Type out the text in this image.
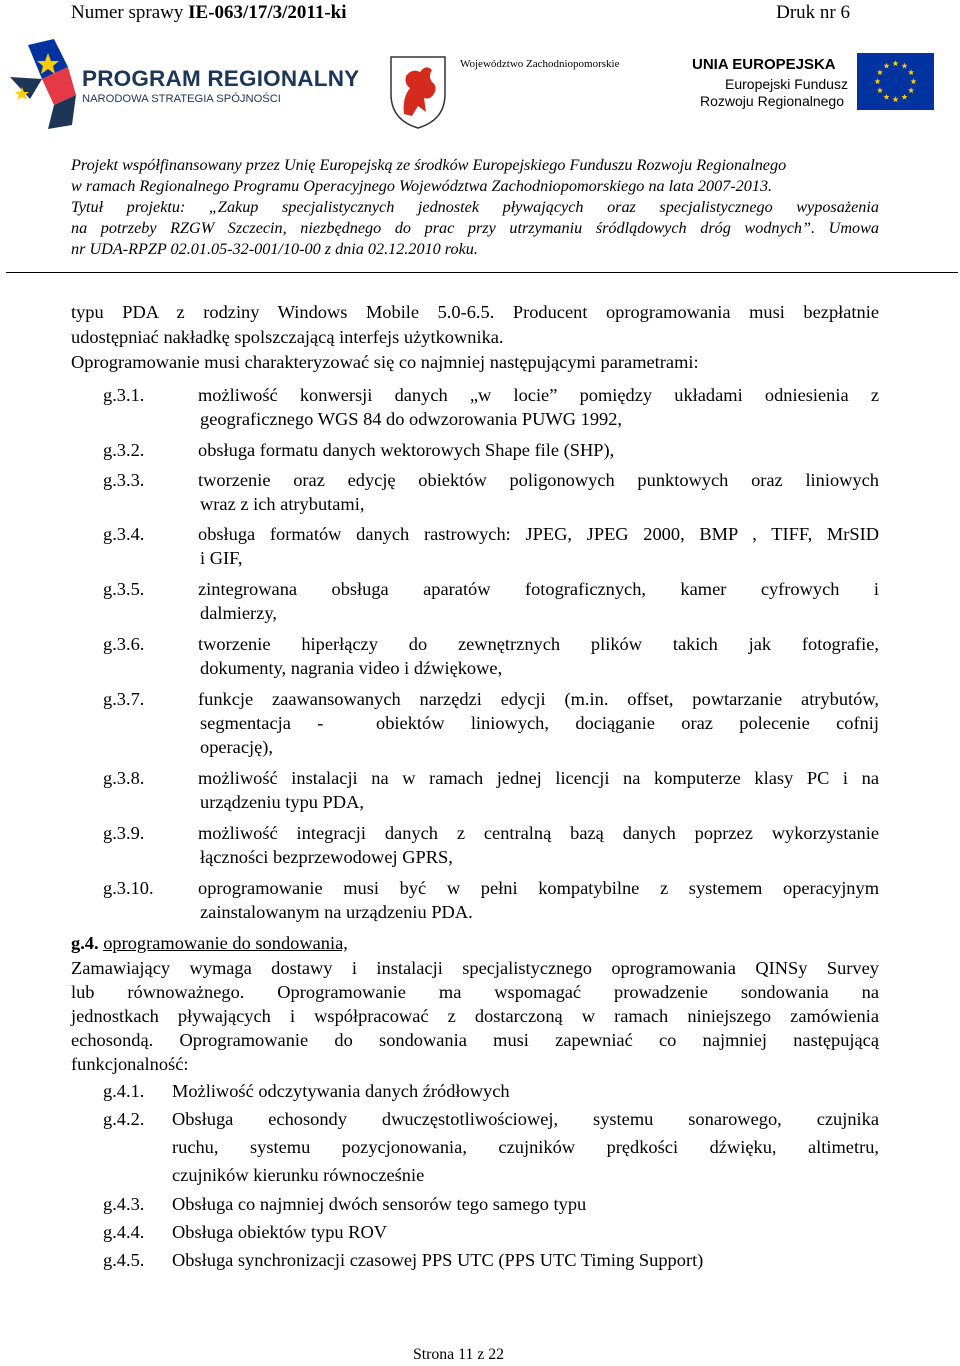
Numer sprawy IE-063/17/3/2011-ki	Druk nr 6
PROGRAM REGIONALNY
NARODOWA STRATEGIA SPÓJNOŚCI
Województwo Zachodniopomorskie	UNIA EUROPEJSKA
Europejski Fundusz
Rozwoju Regionalnego
Projekt współfinansowany przez Unię Europejską ze środków Europejskiego Funduszu Rozwoju Regionalnego
w ramach Regionalnego Programu Operacyjnego Województwa Zachodniopomorskiego na lata 2007-2013.
Tytuł projektu: „Zakup specjalistycznych jednostek pływających oraz specjalistycznego wyposażenia
na potrzeby RZGW Szczecin, niezbędnego do prac przy utrzymaniu śródlądowych dróg wodnych”. Umowa
nr UDA-RPZP 02.01.05-32-001/10-00 z dnia 02.12.2010 roku.
typu PDA z rodziny Windows Mobile 5.0-6.5. Producent oprogramowania musi bezpłatnie
udostępniać nakładkę spolszczającą interfejs użytkownika.
Oprogramowanie musi charakteryzować się co najmniej następującymi parametrami:
g.3.1.	możliwość konwersji danych „w locie” pomiędzy układami odniesienia z
geograficznego WGS 84 do odwzorowania PUWG 1992,
g.3.2.	obsługa formatu danych wektorowych Shape file (SHP),
g.3.3.	tworzenie oraz edycję obiektów poligonowych punktowych oraz liniowych
wraz z ich atrybutami,
g.3.4.	obsługa formatów danych rastrowych: JPEG, JPEG 2000, BMP , TIFF, MrSID
i GIF,
g.3.5.	zintegrowana obsługa aparatów fotograficznych, kamer cyfrowych i
dalmierzy,
g.3.6.	tworzenie hiperłączy do zewnętrznych plików takich jak fotografie,
dokumenty, nagrania video i dźwiękowe,
g.3.7.	funkcje zaawansowanych narzędzi edycji (m.in. offset, powtarzanie atrybutów,
segmentacja -  obiektów liniowych, dociąganie oraz polecenie cofnij
operację),
g.3.8.	możliwość instalacji na w ramach jednej licencji na komputerze klasy PC i na
urządzeniu typu PDA,
g.3.9.	możliwość integracji danych z centralną bazą danych poprzez wykorzystanie
łączności bezprzewodowej GPRS,
g.3.10. oprogramowanie musi być w pełni kompatybilne z systemem operacyjnym
zainstalowanym na urządzeniu PDA.
g.4. oprogramowanie do sondowania,
Zamawiający wymaga dostawy i instalacji specjalistycznego oprogramowania QINSy Survey
lub równoważnego. Oprogramowanie ma wspomagać prowadzenie sondowania na
jednostkach pływających i współpracować z dostarczoną w ramach niniejszego zamówienia
echosondą. Oprogramowanie do sondowania musi zapewniać co najmniej następującą
funkcjonalność:
g.4.1. Możliwość odczytywania danych źródłowych
g.4.2. Obsługa echosondy dwuczęstotliwościowej, systemu sonarowego, czujnika
ruchu, systemu pozycjonowania, czujników prędkości dźwięku, altimetru,
czujników kierunku równocześnie
g.4.3. Obsługa co najmniej dwóch sensorów tego samego typu
g.4.4. Obsługa obiektów typu ROV
g.4.5. Obsługa synchronizacji czasowej PPS UTC (PPS UTC Timing Support)
Strona 11 z 22
